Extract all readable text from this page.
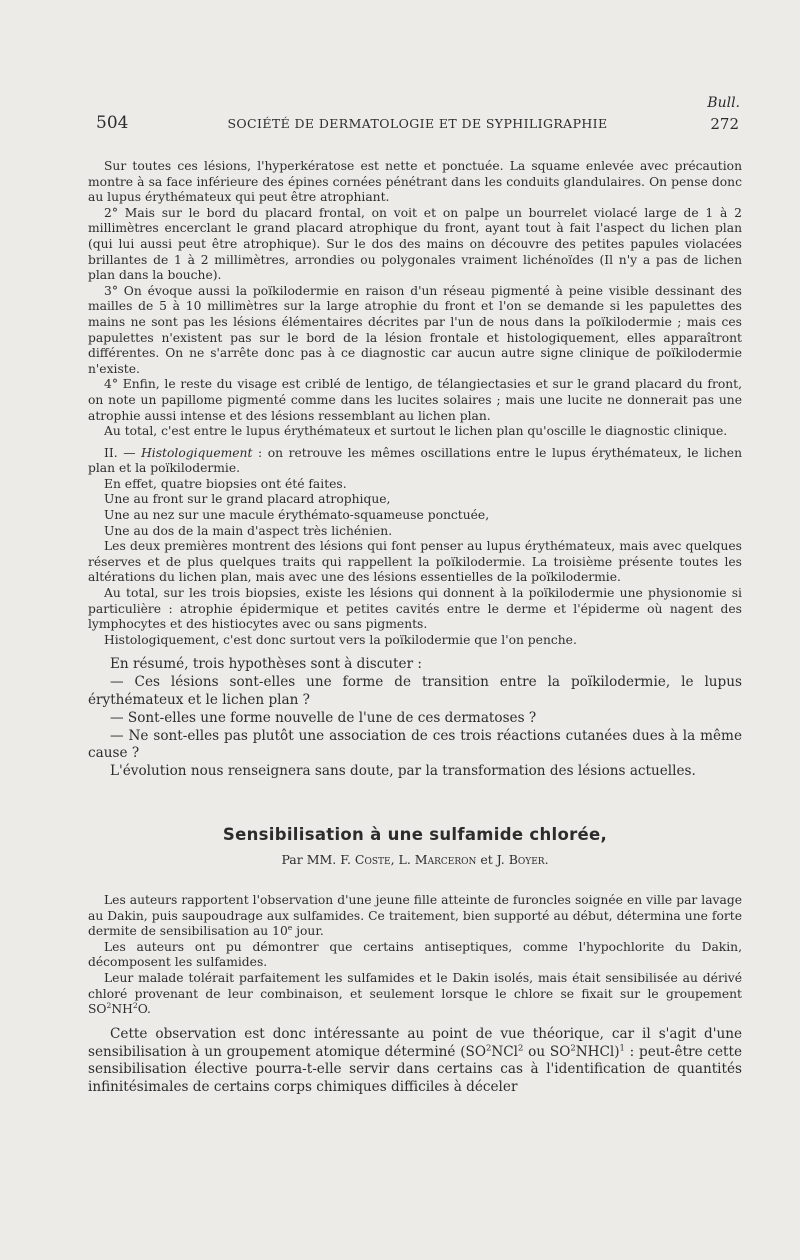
Bull.
504	SOCIÉTÉ DE DERMATOLOGIE ET DE SYPHILIGRAPHIE	272

Sur toutes ces lésions, l'hyperkératose est nette et ponctuée. La squame enlevée avec précaution montre à sa face inférieure des épines cornées pénétrant dans les conduits glandulaires. On pense donc au lupus érythémateux qui peut être atrophiant.

2° Mais sur le bord du placard frontal, on voit et on palpe un bourrelet violacé large de 1 à 2 millimètres encerclant le grand placard atrophique du front, ayant tout à fait l'aspect du lichen plan (qui lui aussi peut être atrophique). Sur le dos des mains on découvre des petites papules violacées brillantes de 1 à 2 millimètres, arrondies ou polygonales vraiment lichénoïdes (Il n'y a pas de lichen plan dans la bouche).

3° On évoque aussi la poïkilodermie en raison d'un réseau pigmenté à peine visible dessinant des mailles de 5 à 10 millimètres sur la large atrophie du front et l'on se demande si les papulettes des mains ne sont pas les lésions élémentaires décrites par l'un de nous dans la poïkilodermie ; mais ces papulettes n'existent pas sur le bord de la lésion frontale et histologiquement, elles apparaîtront différentes. On ne s'arrête donc pas à ce diagnostic car aucun autre signe clinique de poïkilodermie n'existe.

4° Enfin, le reste du visage est criblé de lentigo, de télangiectasies et sur le grand placard du front, on note un papillome pigmenté comme dans les lucites solaires ; mais une lucite ne donnerait pas une atrophie aussi intense et des lésions ressemblant au lichen plan.

Au total, c'est entre le lupus érythémateux et surtout le lichen plan qu'oscille le diagnostic clinique.

II. — Histologiquement : on retrouve les mêmes oscillations entre le lupus érythémateux, le lichen plan et la poïkilodermie.

En effet, quatre biopsies ont été faites.

Une au front sur le grand placard atrophique,

Une au nez sur une macule érythémato-squameuse ponctuée,

Une au dos de la main d'aspect très lichénien.

Les deux premières montrent des lésions qui font penser au lupus érythémateux, mais avec quelques réserves et de plus quelques traits qui rappellent la poïkilodermie. La troisième présente toutes les altérations du lichen plan, mais avec une des lésions essentielles de la poïkilodermie.

Au total, sur les trois biopsies, existe les lésions qui donnent à la poïkilodermie une physionomie si particulière : atrophie épidermique et petites cavités entre le derme et l'épiderme où nagent des lymphocytes et des histiocytes avec ou sans pigments.

Histologiquement, c'est donc surtout vers la poïkilodermie que l'on penche.

En résumé, trois hypothèses sont à discuter :

— Ces lésions sont-elles une forme de transition entre la poïkilodermie, le lupus érythémateux et le lichen plan ?

— Sont-elles une forme nouvelle de l'une de ces dermatoses ?

— Ne sont-elles pas plutôt une association de ces trois réactions cutanées dues à la même cause ?

L'évolution nous renseignera sans doute, par la transformation des lésions actuelles.

Sensibilisation à une sulfamide chlorée,
Par MM. F. Coste, L. Marceron et J. Boyer.

Les auteurs rapportent l'observation d'une jeune fille atteinte de furoncles soignée en ville par lavage au Dakin, puis saupoudrage aux sulfamides. Ce traitement, bien supporté au début, détermina une forte dermite de sensibilisation au 10e jour.

Les auteurs ont pu démontrer que certains antiseptiques, comme l'hypochlorite du Dakin, décomposent les sulfamides.

Leur malade tolérait parfaitement les sulfamides et le Dakin isolés, mais était sensibilisée au dérivé chloré provenant de leur combinaison, et seulement lorsque le chlore se fixait sur le groupement $SO^2NH^2O$.

Cette observation est donc intéressante au point de vue théorique, car il s'agit d'une sensibilisation à un groupement atomique déterminé ($SO^2NCl^2$ ou $SO^2NHCl)^1$ : peut-être cette sensibilisation élective pourra-t-elle servir dans certains cas à l'identification de quantités infinitésimales de certains corps chimiques difficiles à déceler
